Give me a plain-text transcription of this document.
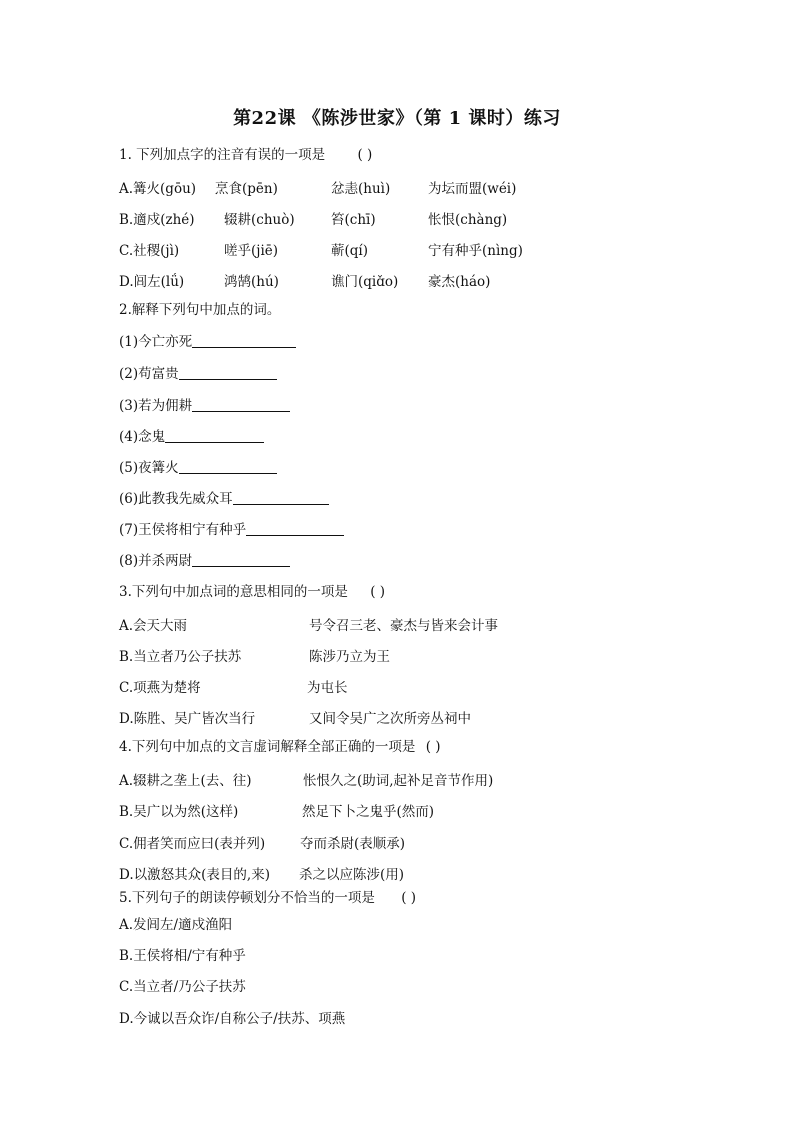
第22课 《陈涉世家》（第 1 课时）练习
1. 下列加点字的注音有误的一项是 ( )
A.篝火(gōu) 烹食(pēn)	忿恚(huì)	为坛而盟(wéi)
B.適戍(zhé) 辍耕(chuò)	笞(chī)	怅恨(chàng)
C.社稷(jì)	嗟乎(jiē)	蕲(qí)	宁有种乎(nìng)
D.闾左(lǘ)	鸿鹄(hú)	谯门(qiɑ̌o) 豪杰(háo)
2.解释下列句中加点的词。
(1)今亡亦死
(2)苟富贵
(3)若为佣耕
(4)念鬼
(5)夜篝火
(6)此教我先威众耳
(7)王侯将相宁有种乎
(8)并杀两尉
3.下列句中加点词的意思相同的一项是 ( )
A.会天大雨	号令召三老、豪杰与皆来会计事
B.当立者乃公子扶苏	陈涉乃立为王
C.项燕为楚将	为屯长
D.陈胜、吴广皆次当行	又间令吴广之次所旁丛祠中
4.下列句中加点的文言虚词解释全部正确的一项是 ( )
A.辍耕之垄上(去、往)	怅恨久之(助词,起补足音节作用)
B.吴广以为然(这样)	然足下卜之鬼乎(然而)
C.佣者笑而应曰(表并列)	夺而杀尉(表顺承)
D.以激怒其众(表目的,来) 杀之以应陈涉(用)
5.下列句子的朗读停顿划分不恰当的一项是 ( )
A.发闾左/適戍渔阳
B.王侯将相/宁有种乎
C.当立者/乃公子扶苏
D.今诚以吾众诈/自称公子/扶苏、项燕
